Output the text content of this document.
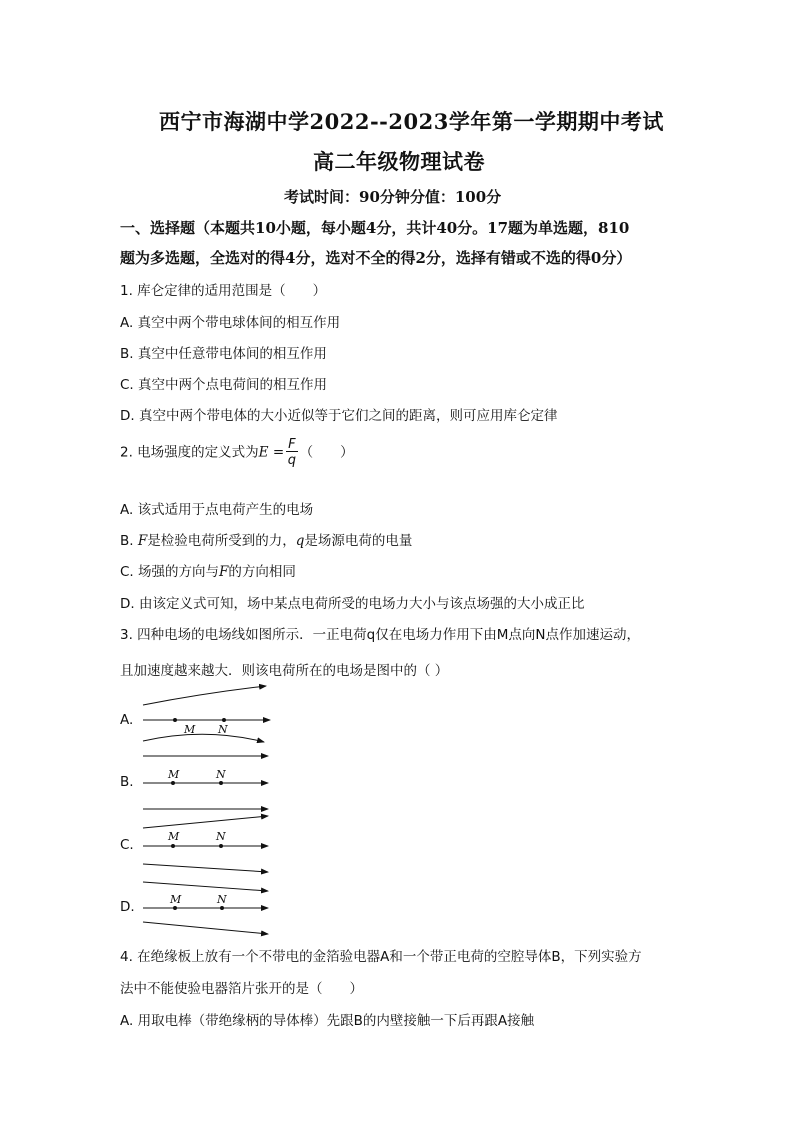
西宁市海湖中学2022--2023学年第一学期期中考试
高二年级物理试卷
考试时间：90分钟分值：100分
一、选择题（本题共10小题，每小题4分，共计40分。17题为单选题，810
题为多选题，全选对的得4分，选对不全的得2分，选择有错或不选的得0分）
1. 库仑定律的适用范围是（　　）
A. 真空中两个带电球体间的相互作用
B. 真空中任意带电体间的相互作用
C. 真空中两个点电荷间的相互作用
D. 真空中两个带电体的大小近似等于它们之间的距离，则可应用库仑定律
2. 电场强度的定义式为$E = \frac{F}{q}$ （　　）
A. 该式适用于点电荷产生的电场
B. F是检验电荷所受到的力，q是场源电荷的电量
C. 场强的方向与F的方向相同
D. 由该定义式可知，场中某点电荷所受的电场力大小与该点场强的大小成正比
3. 四种电场的电场线如图所示．一正电荷q仅在电场力作用下由M点向N点作加速运动，
且加速度越来越大．则该电荷所在的电场是图中的（ ）
A.
B.
C.
D.
M N
M	N
M	N
M	N
4. 在绝缘板上放有一个不带电的金箔验电器A和一个带正电荷的空腔导体B，下列实验方
法中不能使验电器箔片张开的是（　　）
A. 用取电棒（带绝缘柄的导体棒）先跟B的内壁接触一下后再跟A接触
